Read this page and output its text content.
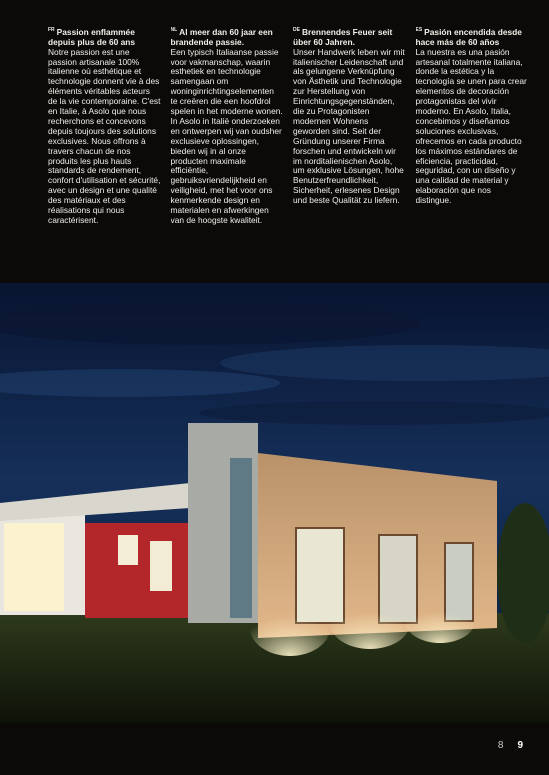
$^{FR}$ Passion enflammée depuis plus de 60 ans

Notre passion est une passion artisanale 100% italienne où esthétique et technologie donnent vie à des éléments véritables acteurs de la vie contemporaine. C'est en Italie, à Asolo que nous recherchons et concevons depuis toujours des solutions exclusives. Nous offrons à travers chacun de nos produits les plus hauts standards de rendement, confort d'utilisation et sécurité, avec un design et une qualité des matériaux et des réalisations qui nous caractérisent.

$^{NL}$ Al meer dan 60 jaar een brandende passie.

Een typisch Italiaanse passie voor vakmanschap, waarin esthetiek en technologie samengaan om woninginrichtingselementen te creëren die een hoofdrol spelen in het moderne wonen. In Asolo in Italië onderzoeken en ontwerpen wij van oudsher exclusieve oplossingen, bieden wij in al onze producten maximale efficiëntie, gebruiksvriendelijkheid en veiligheid, met het voor ons kenmerkende design en materialen en afwerkingen van de hoogste kwaliteit.

$^{DE}$ Brennendes Feuer seit über 60 Jahren.

Unser Handwerk leben wir mit italienischer Leidenschaft und als gelungene Verknüpfung von Ästhetik und Technologie zur Herstellung von Einrichtungsgegenständen, die zu Protagonisten modernen Wohnens geworden sind. Seit der Gründung unserer Firma forschen und entwickeln wir im norditalienischen Asolo, um exklusive Lösungen, hohe Benutzerfreundlichkeit, Sicherheit, erlesenes Design und beste Qualität zu liefern.

$^{ES}$ Pasión encendida desde hace más de 60 años

La nuestra es una pasión artesanal totalmente italiana, donde la estética y la tecnología se unen para crear elementos de decoración protagonistas del vivir moderno. En Asolo, Italia, concebimos y diseñamos soluciones exclusivas, ofrecemos en cada producto los máximos estándares de eficiencia, practicidad, seguridad, con un diseño y una calidad de material y elaboración que nos distingue.

8 9
